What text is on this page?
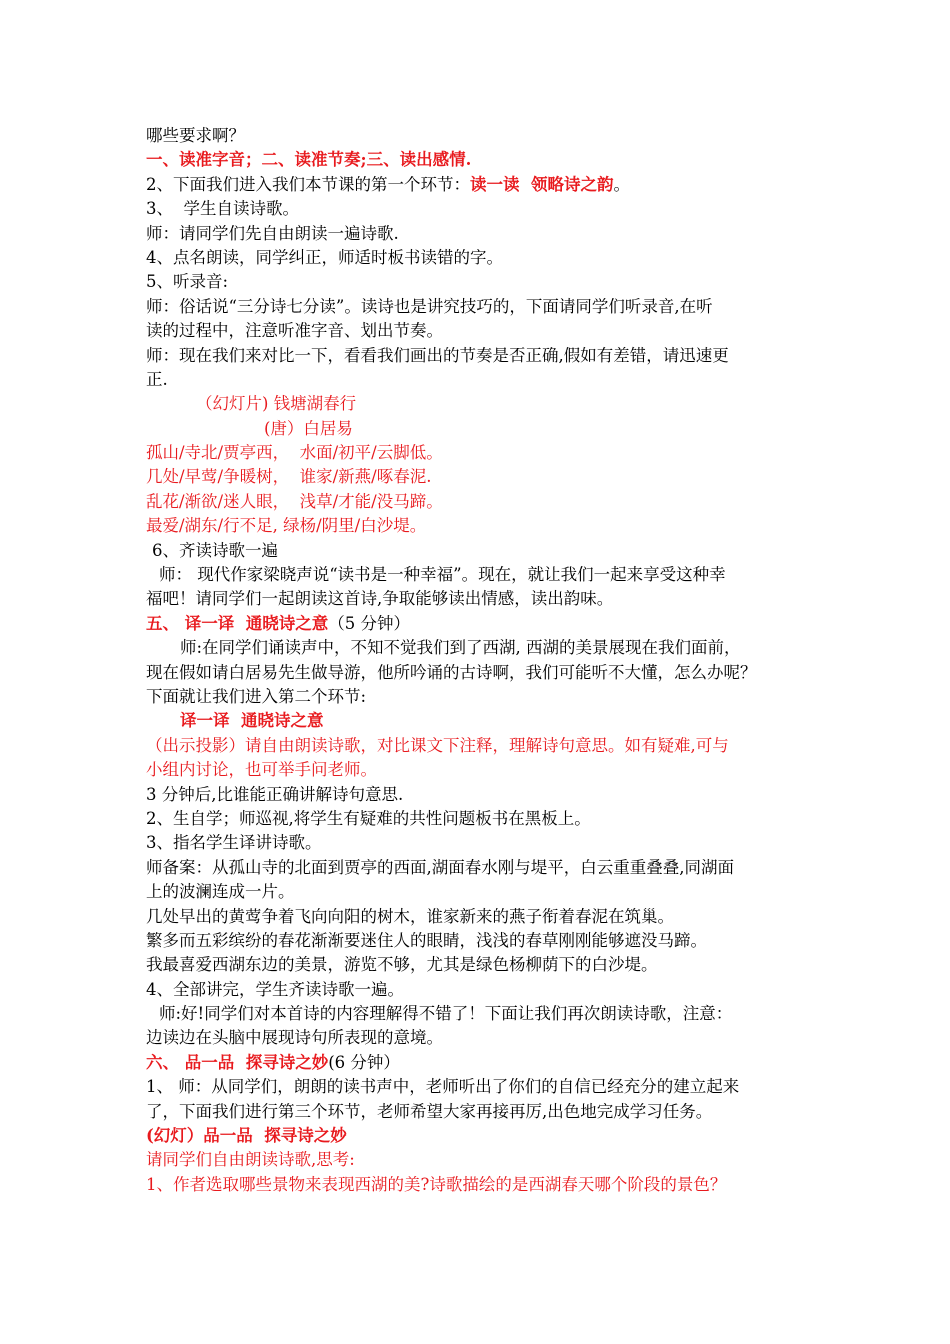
哪些要求啊？
一、读准字音；二、读准节奏;三、读出感情.
2、下面我们进入我们本节课的第一个环节：读一读  领略诗之韵。
3、  学生自读诗歌。
师：请同学们先自由朗读一遍诗歌.
4、点名朗读，同学纠正，师适时板书读错的字。
5、听录音:
师：俗话说“三分诗七分读”。读诗也是讲究技巧的，下面请同学们听录音,在听
读的过程中，注意听准字音、划出节奏。
师：现在我们来对比一下，看看我们画出的节奏是否正确,假如有差错，请迅速更
正.
（幻灯片) 钱塘湖春行
(唐）白居易
孤山/寺北/贾亭西，  水面/初平/云脚低。
几处/早莺/争暖树，  谁家/新燕/啄春泥.
乱花/渐欲/迷人眼，  浅草/才能/没马蹄。
最爱/湖东/行不足, 绿杨/阴里/白沙堤。
6、齐读诗歌一遍
师： 现代作家梁晓声说“读书是一种幸福”。现在，就让我们一起来享受这种幸
福吧！请同学们一起朗读这首诗,争取能够读出情感，读出韵味。
五、 译一译  通晓诗之意（5 分钟）
师:在同学们诵读声中，不知不觉我们到了西湖, 西湖的美景展现在我们面前，
现在假如请白居易先生做导游，他所吟诵的古诗啊，我们可能听不大懂，怎么办呢？
下面就让我们进入第二个环节:
译一译  通晓诗之意
（出示投影）请自由朗读诗歌，对比课文下注释，理解诗句意思。如有疑难,可与
小组内讨论，也可举手问老师。
3 分钟后,比谁能正确讲解诗句意思.
2、生自学；师巡视,将学生有疑难的共性问题板书在黑板上。
3、指名学生译讲诗歌。
师备案：从孤山寺的北面到贾亭的西面,湖面春水刚与堤平，白云重重叠叠,同湖面
上的波澜连成一片。
几处早出的黄莺争着飞向向阳的树木，谁家新来的燕子衔着春泥在筑巢。
繁多而五彩缤纷的春花渐渐要迷住人的眼睛，浅浅的春草刚刚能够遮没马蹄。
我最喜爱西湖东边的美景，游览不够，尤其是绿色杨柳荫下的白沙堤。
4、全部讲完，学生齐读诗歌一遍。
师:好!同学们对本首诗的内容理解得不错了！下面让我们再次朗读诗歌，注意：
边读边在头脑中展现诗句所表现的意境。
六、 品一品  探寻诗之妙(6 分钟）
1、 师：从同学们，朗朗的读书声中，老师听出了你们的自信已经充分的建立起来
了，下面我们进行第三个环节，老师希望大家再接再厉,出色地完成学习任务。
(幻灯）品一品  探寻诗之妙
请同学们自由朗读诗歌,思考:
1、作者选取哪些景物来表现西湖的美?诗歌描绘的是西湖春天哪个阶段的景色？
